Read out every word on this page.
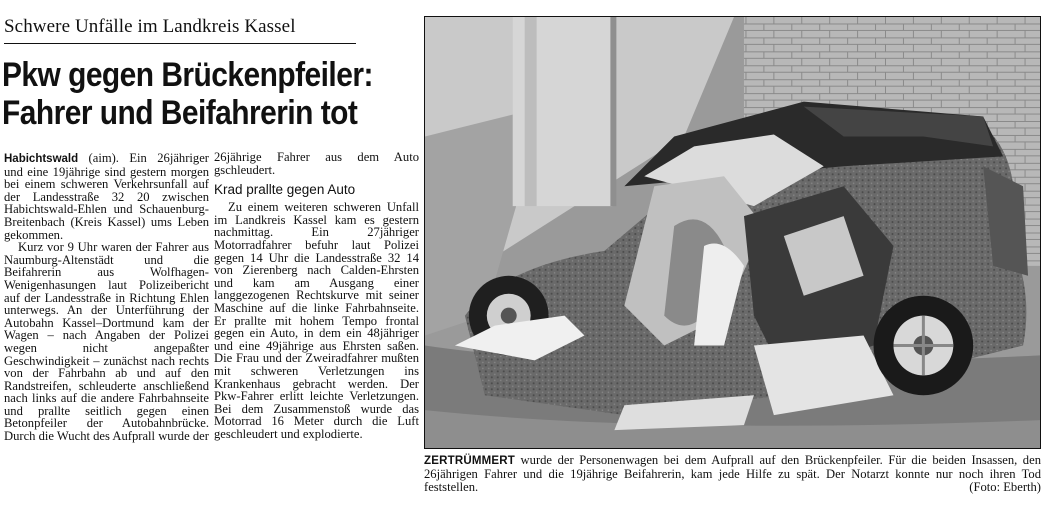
Schwere Unfälle im Landkreis Kassel
Pkw gegen Brückenpfeiler:
Fahrer und Beifahrerin tot

Habichtswald (aim). Ein 26jähriger und eine 19jährige sind gestern morgen bei einem schweren Verkehrsunfall auf der Landesstraße 32 20 zwischen Habichtswald-Ehlen und Schauenburg-Breitenbach (Kreis Kassel) ums Leben gekommen.

Kurz vor 9 Uhr waren der Fahrer aus Naumburg-Altenstädt und die Beifahrerin aus Wolfhagen-Wenigenhasungen laut Polizeibericht auf der Landesstraße in Richtung Ehlen unterwegs. An der Unterführung der Autobahn Kassel–Dortmund kam der Wagen – nach Angaben der Polizei wegen nicht angepaßter Geschwindigkeit – zunächst nach rechts von der Fahrbahn ab und auf den Randstreifen, schleuderte anschließend nach links auf die andere Fahrbahnseite und prallte seitlich gegen einen Betonpfeiler der Autobahnbrücke. Durch die Wucht des Aufprall wurde der

26jährige Fahrer aus dem Auto gschleudert.

Krad prallte gegen Auto

Zu einem weiteren schweren Unfall im Landkreis Kassel kam es gestern nachmittag. Ein 27jähriger Motorradfahrer befuhr laut Polizei gegen 14 Uhr die Landesstraße 32 14 von Zierenberg nach Calden-Ehrsten und kam am Ausgang einer langgezogenen Rechtskurve mit seiner Maschine auf die linke Fahrbahnseite. Er prallte mit hohem Tempo frontal gegen ein Auto, in dem ein 48jähriger und eine 49jährige aus Ehrsten saßen. Die Frau und der Zweiradfahrer mußten mit schweren Verletzungen ins Krankenhaus gebracht werden. Der Pkw-Fahrer erlitt leichte Verletzungen. Bei dem Zusammenstoß wurde das Motorrad 16 Meter durch die Luft geschleudert und explodierte.

ZERTRÜMMERT wurde der Personenwagen bei dem Aufprall auf den Brückenpfeiler. Für die beiden Insassen, den 26jährigen Fahrer und die 19jährige Beifahrerin, kam jede Hilfe zu spät. Der Notarzt konnte nur noch ihren Tod feststellen.	(Foto: Eberth)
